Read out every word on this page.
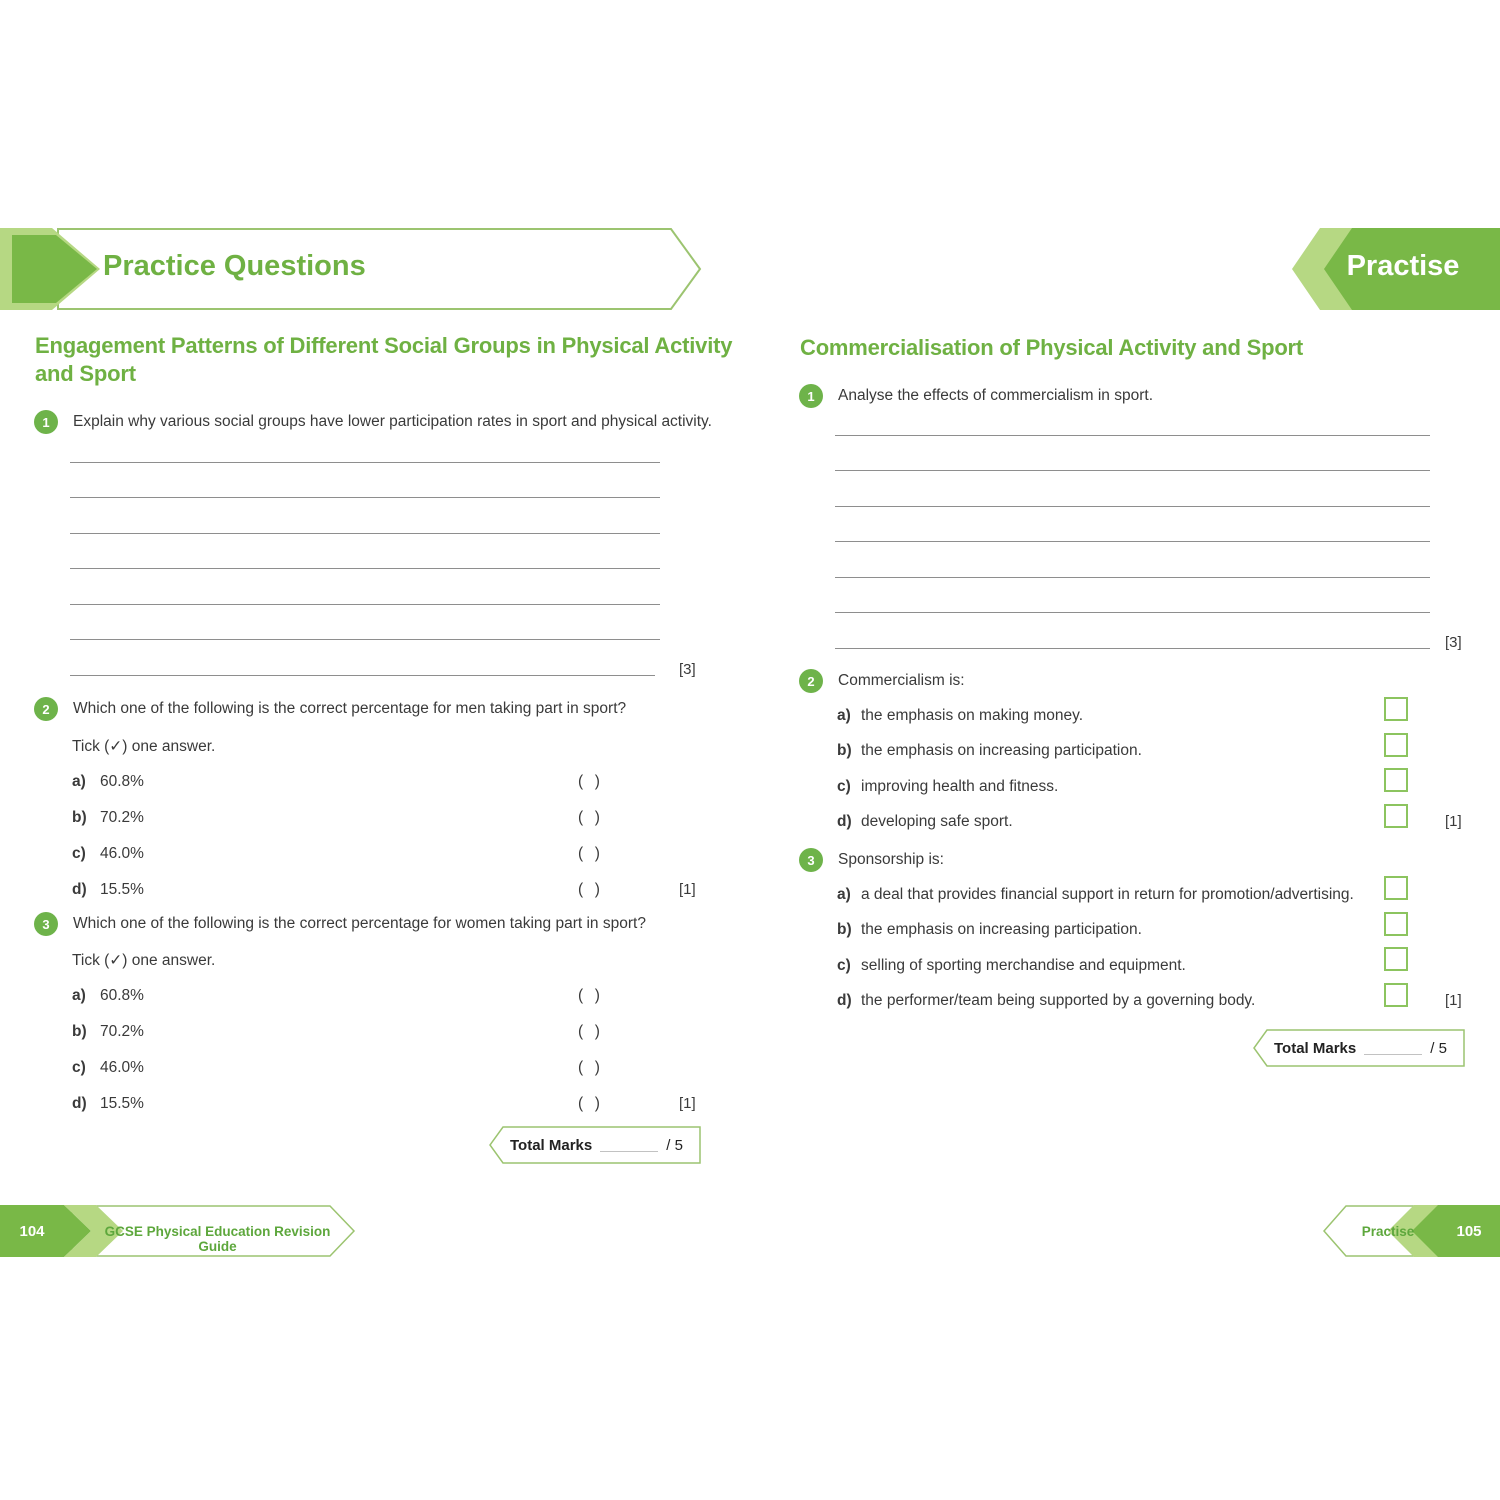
Practice Questions
Engagement Patterns of Different Social Groups in Physical Activity and Sport
1	Explain why various social groups have lower participation rates in sport and physical activity.
[3]
2	Which one of the following is the correct percentage for men taking part in sport?
Tick (✓) one answer.
a) 60.8%	(  )
b) 70.2%	(  )
c) 46.0%	(  )
d) 15.5%	(  )	[1]
3	Which one of the following is the correct percentage for women taking part in sport?
Tick (✓) one answer.
a) 60.8%	(  )
b) 70.2%	(  )
c) 46.0%	(  )
d) 15.5%	(  )	[1]
Total Marks	/ 5
104	GCSE Physical Education Revision Guide
Practise
Commercialisation of Physical Activity and Sport
1	Analyse the effects of commercialism in sport.
[3]
2	Commercialism is:
a) the emphasis on making money.
b) the emphasis on increasing participation.
c) improving health and fitness.
d) developing safe sport.	[1]
3	Sponsorship is:
a) a deal that provides financial support in return for promotion/advertising.
b) the emphasis on increasing participation.
c) selling of sporting merchandise and equipment.
d) the performer/team being supported by a governing body.	[1]
Total Marks	/ 5
Practise	105
